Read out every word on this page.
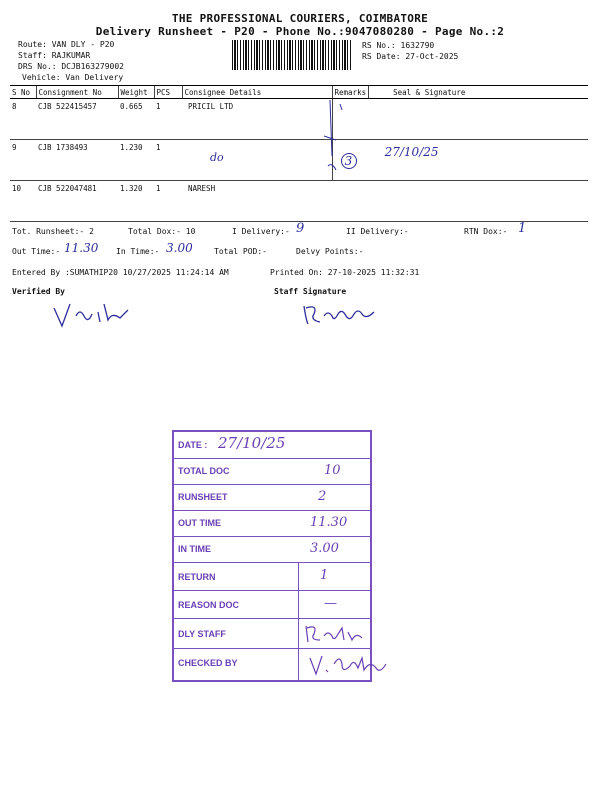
THE PROFESSIONAL COURIERS, COIMBATORE
Delivery Runsheet - P20 - Phone No.:9047080280 - Page No.:2
Route: VAN DLY - P20
Staff: RAJKUMAR
DRS No.: DCJB163279002
Vehicle: Van Delivery
RS No.: 1632790
RS Date: 27-Oct-2025
S No	Consignment No	Weight	PCS	Consignee Details	Remarks	Seal & Signature
8	CJB 522415457	0.665	1	PRICIL LTD		
9	CJB 1738493	1.230	1	do	3	27/10/25
10	CJB 522047481	1.320	1	NARESH		
Tot. Runsheet:- 2	Total Dox:- 10	I Delivery:- 9	II Delivery:-	RTN Dox:- 1
Out Time:- 11.30 In Time:- 3.00	Total POD:-	Delvy Points:-
Entered By :SUMATHIP20 10/27/2025 11:24:14 AM	Printed On: 27-10-2025 11:32:31
Verified By	Staff Signature
DATE : 27/10/25
TOTAL DOC	10
RUNSHEET	2
OUT TIME	11.30
IN TIME	3.00
RETURN	1
REASON DOC	—
DLY STAFF
CHECKED BY
